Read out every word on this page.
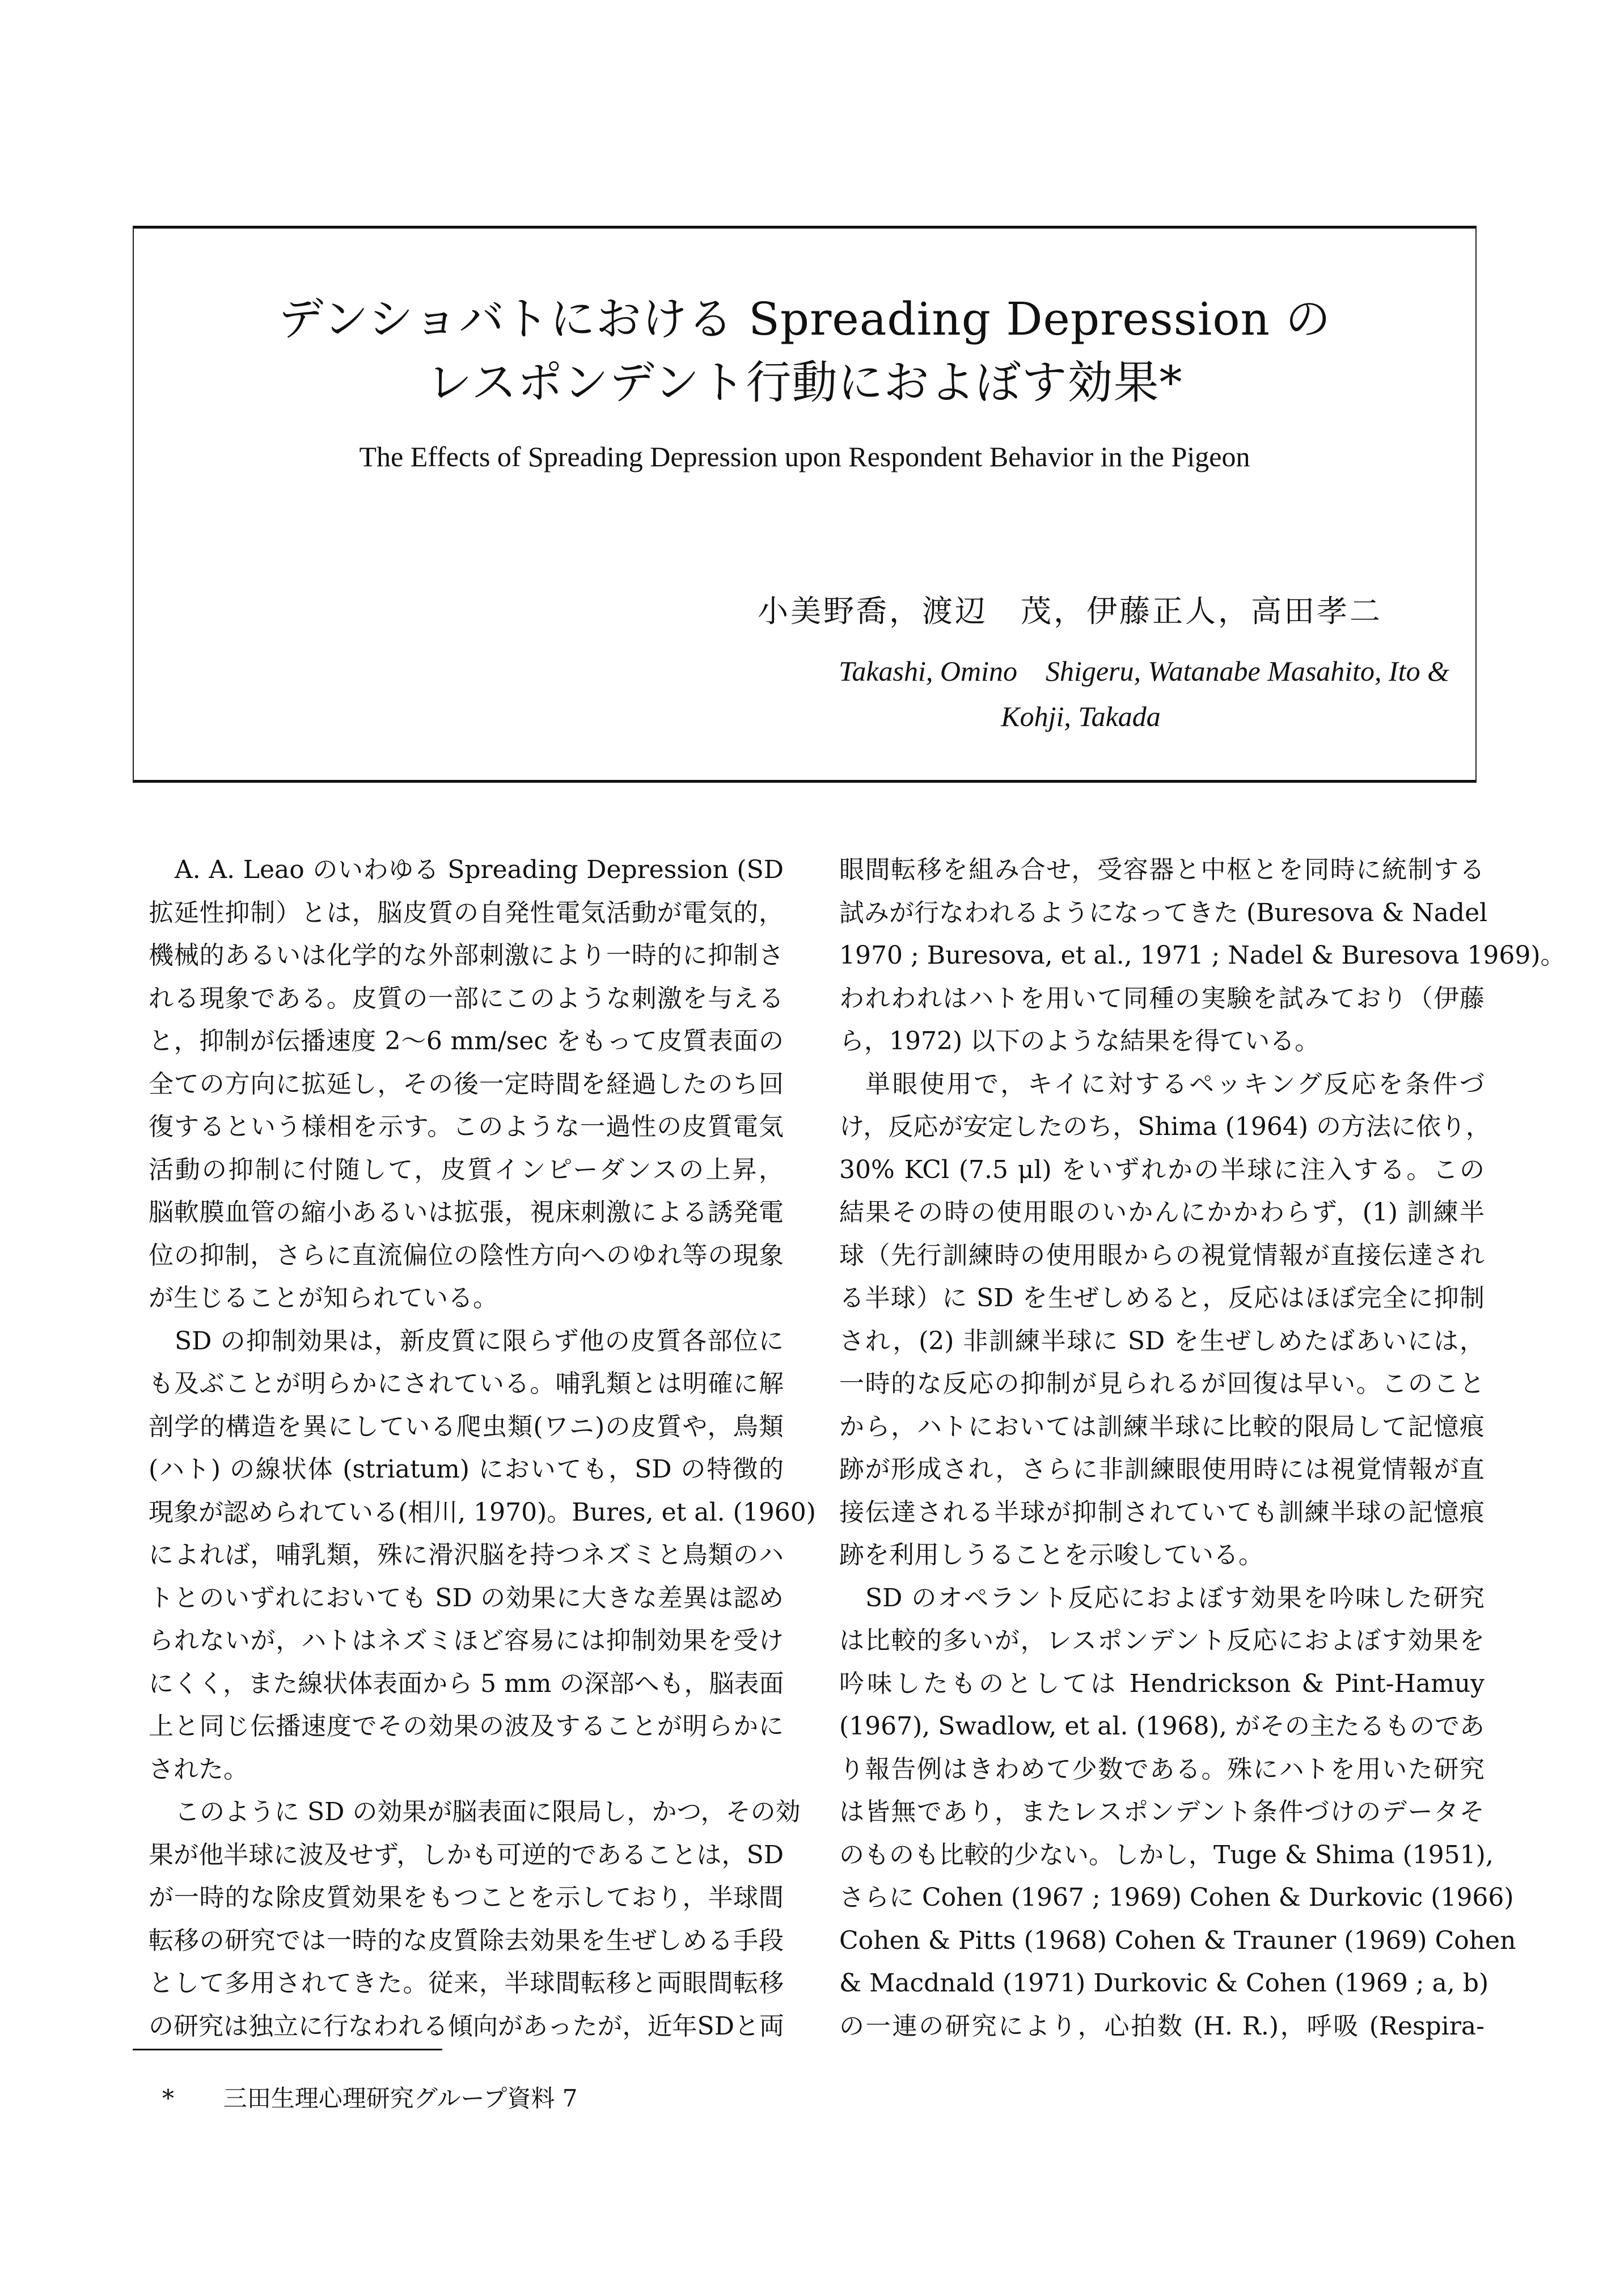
デンショバトにおける Spreading Depression の
レスポンデント行動におよぼす効果*
The Effects of Spreading Depression upon Respondent Behavior in the Pigeon
小美野喬，渡辺　茂，伊藤正人，高田孝二
Takashi, Omino　Shigeru, Watanabe Masahito, Ito &
Kohji, Takada
A. A. Leao のいわゆる Spreading Depression (SD
拡延性抑制）とは，脳皮質の自発性電気活動が電気的，
機械的あるいは化学的な外部刺激により一時的に抑制さ
れる現象である。皮質の一部にこのような刺激を与える
と，抑制が伝播速度 2〜6 mm/sec をもって皮質表面の
全ての方向に拡延し，その後一定時間を経過したのち回
復するという様相を示す。このような一過性の皮質電気
活動の抑制に付随して，皮質インピーダンスの上昇，
脳軟膜血管の縮小あるいは拡張，視床刺激による誘発電
位の抑制，さらに直流偏位の陰性方向へのゆれ等の現象
が生じることが知られている。
SD の抑制効果は，新皮質に限らず他の皮質各部位に
も及ぶことが明らかにされている。哺乳類とは明確に解
剖学的構造を異にしている爬虫類(ワニ)の皮質や，鳥類
(ハト) の線状体 (striatum) においても，SD の特徴的
現象が認められている(相川, 1970)。Bures, et al. (1960)
によれば，哺乳類，殊に滑沢脳を持つネズミと鳥類のハ
トとのいずれにおいても SD の効果に大きな差異は認め
られないが，ハトはネズミほど容易には抑制効果を受け
にくく，また線状体表面から 5 mm の深部へも，脳表面
上と同じ伝播速度でその効果の波及することが明らかに
された。
このように SD の効果が脳表面に限局し，かつ，その効
果が他半球に波及せず，しかも可逆的であることは，SD
が一時的な除皮質効果をもつことを示しており，半球間
転移の研究では一時的な皮質除去効果を生ぜしめる手段
として多用されてきた。従来，半球間転移と両眼間転移
の研究は独立に行なわれる傾向があったが，近年SDと両
眼間転移を組み合せ，受容器と中枢とを同時に統制する
試みが行なわれるようになってきた (Buresova & Nadel
1970 ; Buresova, et al., 1971 ; Nadel & Buresova 1969)。
われわれはハトを用いて同種の実験を試みており（伊藤
ら，1972) 以下のような結果を得ている。
単眼使用で，キイに対するペッキング反応を条件づ
け，反応が安定したのち，Shima (1964) の方法に依り，
30% KCl (7.5 μl) をいずれかの半球に注入する。この
結果その時の使用眼のいかんにかかわらず，(1) 訓練半
球（先行訓練時の使用眼からの視覚情報が直接伝達され
る半球）に SD を生ぜしめると，反応はほぼ完全に抑制
され，(2) 非訓練半球に SD を生ぜしめたばあいには，
一時的な反応の抑制が見られるが回復は早い。このこと
から，ハトにおいては訓練半球に比較的限局して記憶痕
跡が形成され，さらに非訓練眼使用時には視覚情報が直
接伝達される半球が抑制されていても訓練半球の記憶痕
跡を利用しうることを示唆している。
SD のオペラント反応におよぼす効果を吟味した研究
は比較的多いが，レスポンデント反応におよぼす効果を
吟味したものとしては Hendrickson & Pint-Hamuy
(1967), Swadlow, et al. (1968), がその主たるものであ
り報告例はきわめて少数である。殊にハトを用いた研究
は皆無であり，またレスポンデント条件づけのデータそ
のものも比較的少ない。しかし，Tuge & Shima (1951),
さらに Cohen (1967 ; 1969) Cohen & Durkovic (1966)
Cohen & Pitts (1968) Cohen & Trauner (1969) Cohen
& Macdnald (1971) Durkovic & Cohen (1969 ; a, b)
の一連の研究により，心拍数 (H. R.)，呼吸 (Respira-
* 三田生理心理研究グループ資料 7
